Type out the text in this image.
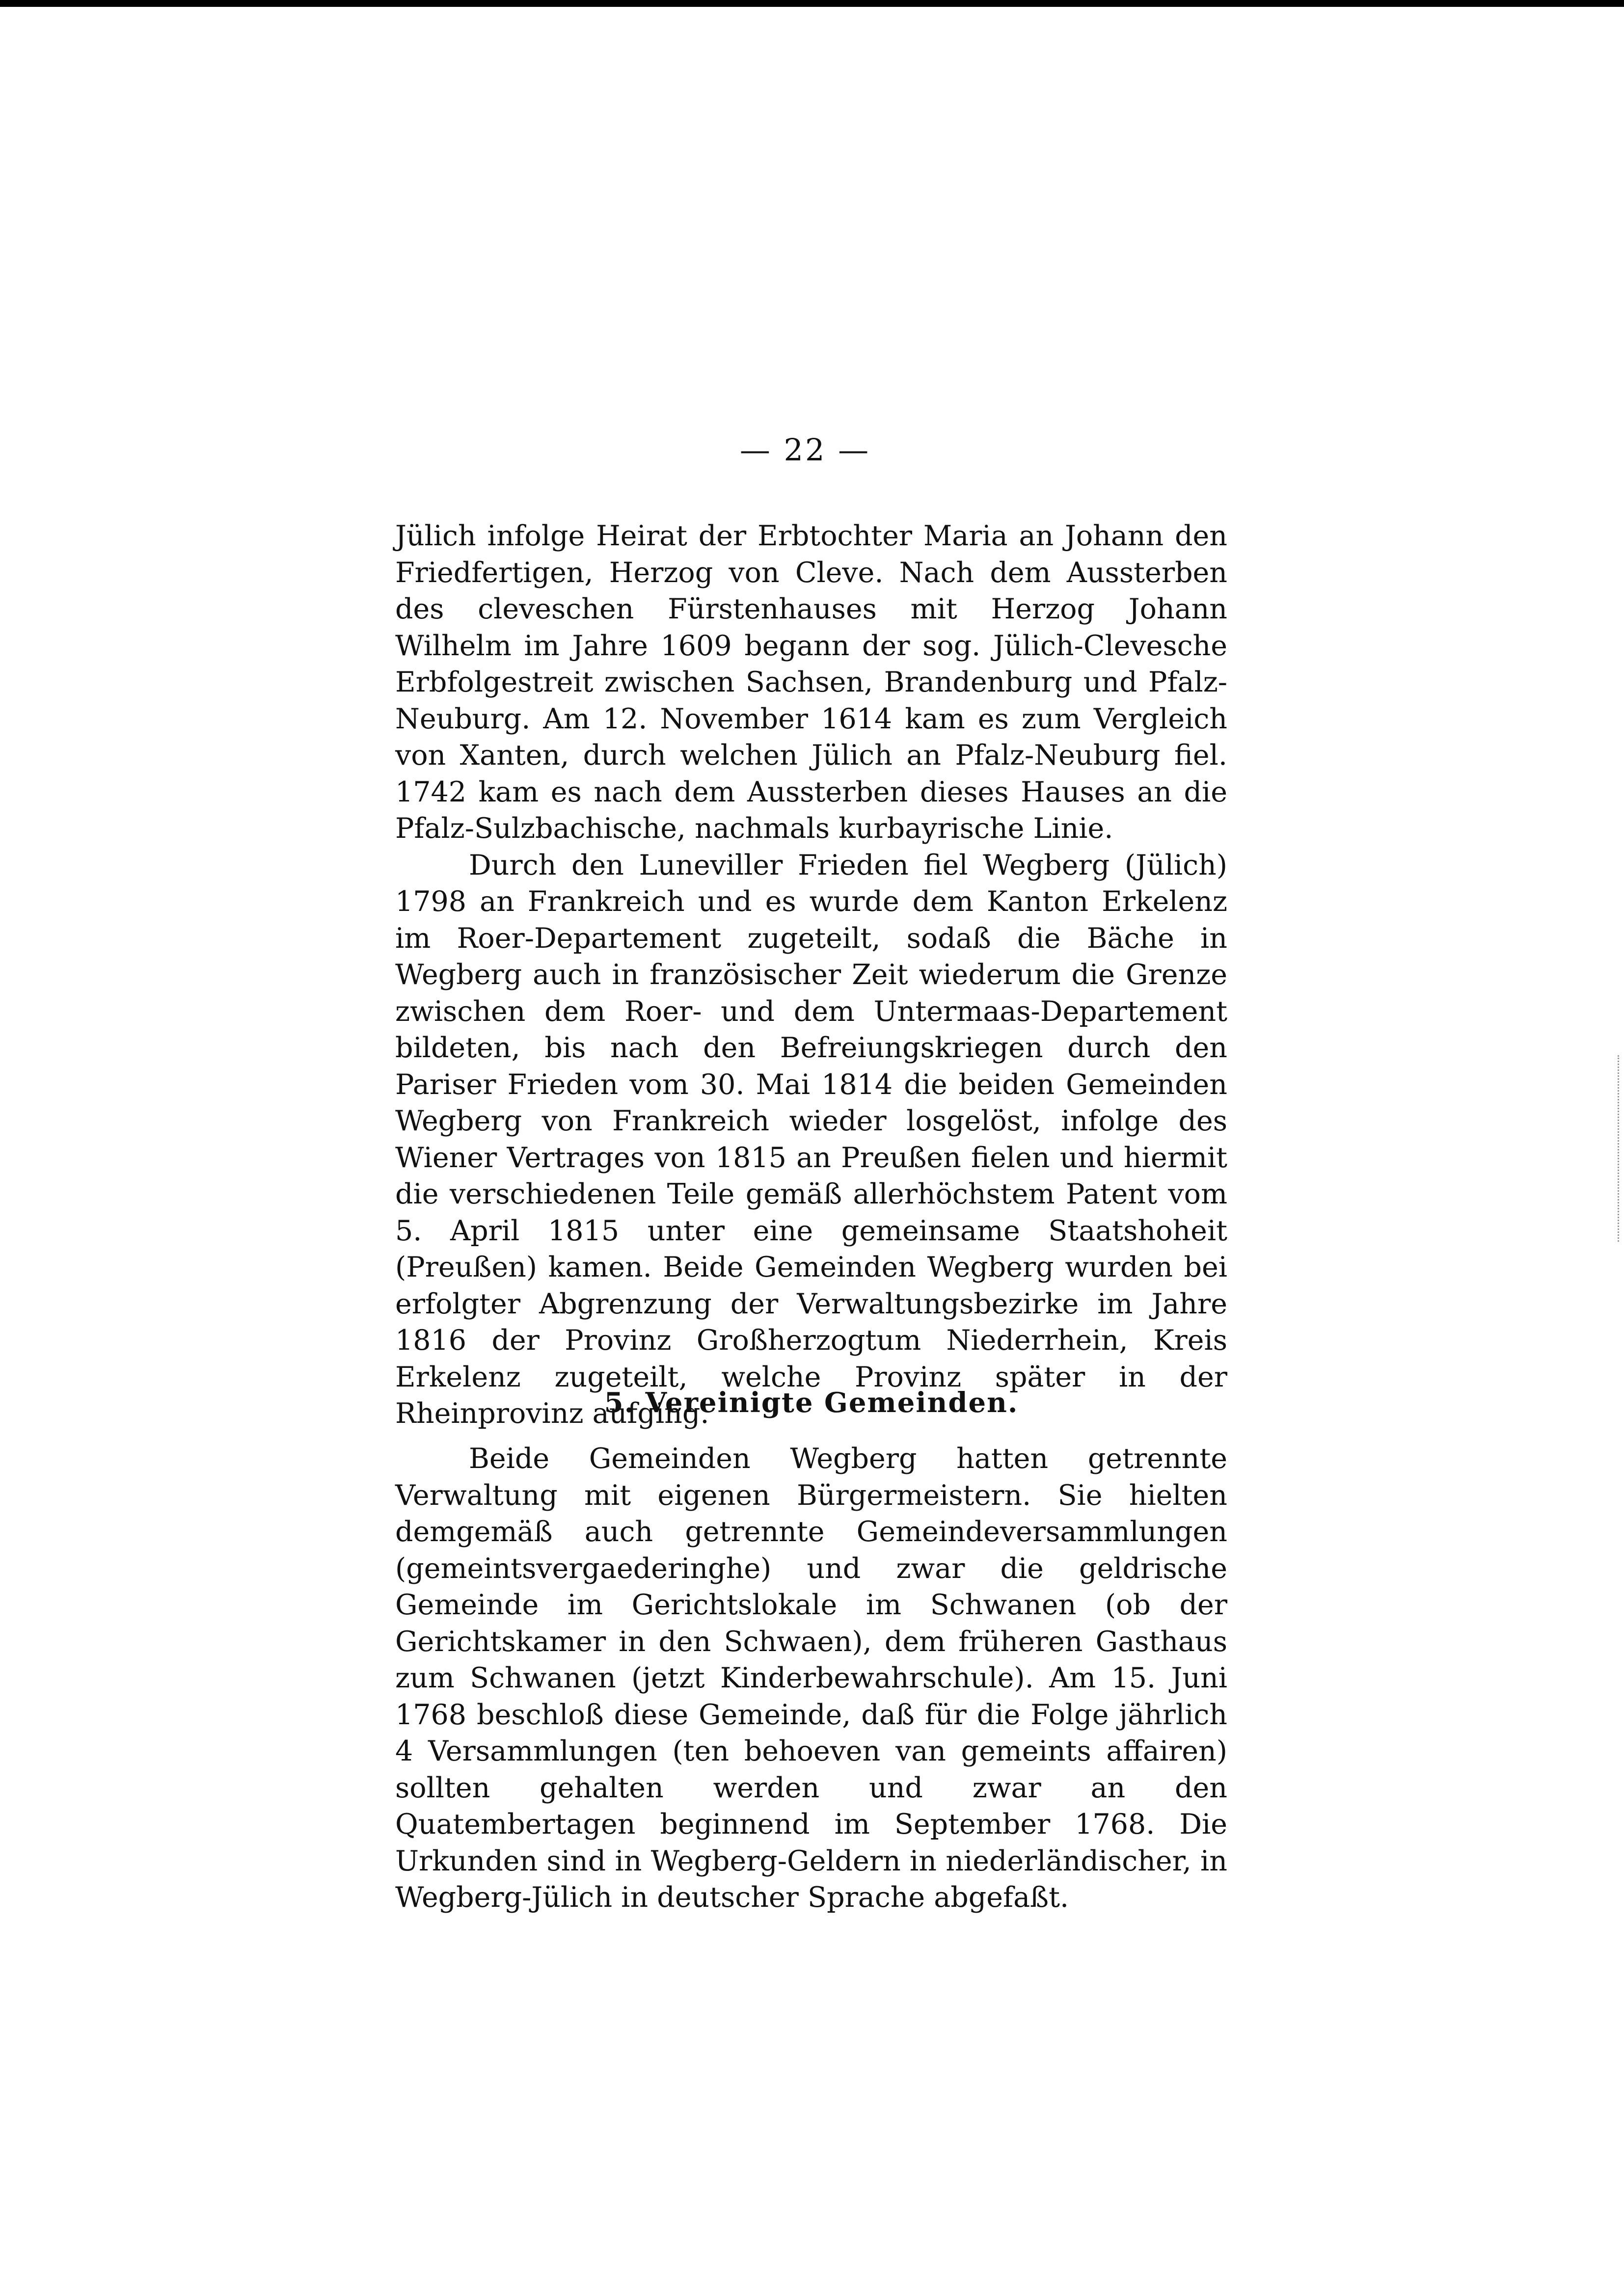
— 22 —

Jülich infolge Heirat der Erbtochter Maria an Johann den Friedfertigen, Herzog von Cleve. Nach dem Aussterben des cleveschen Fürstenhauses mit Herzog Johann Wilhelm im Jahre 1609 begann der sog. Jülich-Clevesche Erbfolgestreit zwischen Sachsen, Brandenburg und Pfalz-Neuburg. Am 12. November 1614 kam es zum Vergleich von Xanten, durch welchen Jülich an Pfalz-Neuburg fiel. 1742 kam es nach dem Aussterben dieses Hauses an die Pfalz-Sulzbachische, nachmals kurbayrische Linie.

Durch den Luneviller Frieden fiel Wegberg (Jülich) 1798 an Frankreich und es wurde dem Kanton Erkelenz im Roer-Departement zugeteilt, sodaß die Bäche in Wegberg auch in französischer Zeit wiederum die Grenze zwischen dem Roer- und dem Untermaas-Departement bildeten, bis nach den Befreiungskriegen durch den Pariser Frieden vom 30. Mai 1814 die beiden Gemeinden Wegberg von Frankreich wieder losgelöst, infolge des Wiener Vertrages von 1815 an Preußen fielen und hiermit die verschiedenen Teile gemäß allerhöchstem Patent vom 5. April 1815 unter eine gemeinsame Staatshoheit (Preußen) kamen. Beide Gemeinden Wegberg wurden bei erfolgter Abgrenzung der Verwaltungsbezirke im Jahre 1816 der Provinz Großherzogtum Niederrhein, Kreis Erkelenz zugeteilt, welche Provinz später in der Rheinprovinz aufging.

5. Vereinigte Gemeinden.

Beide Gemeinden Wegberg hatten getrennte Verwaltung mit eigenen Bürgermeistern. Sie hielten demgemäß auch getrennte Gemeindeversammlungen (gemeintsvergaederinghe) und zwar die geldrische Gemeinde im Gerichtslokale im Schwanen (ob der Gerichtskamer in den Schwaen), dem früheren Gasthaus zum Schwanen (jetzt Kinderbewahrschule). Am 15. Juni 1768 beschloß diese Gemeinde, daß für die Folge jährlich 4 Versammlungen (ten behoeven van gemeints affairen) sollten gehalten werden und zwar an den Quatembertagen beginnend im September 1768. Die Urkunden sind in Wegberg-Geldern in niederländischer, in Wegberg-Jülich in deutscher Sprache abgefaßt.
